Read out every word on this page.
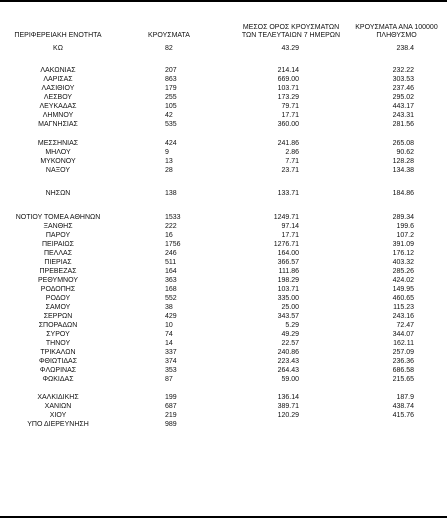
ΠΕΡΙΦΕΡΕΙΑΚΗ ΕΝΟΤΗΤΑ	ΚΡΟΥΣΜΑΤΑ
ΜΕΣΟΣ ΟΡΟΣ ΚΡΟΥΣΜΑΤΩΝ
ΤΩΝ ΤΕΛΕΥΤΑΙΩΝ 7 ΗΜΕΡΩΝ
ΚΡΟΥΣΜΑΤΑ ΑΝΑ 100000
ΠΛΗΘΥΣΜΟ
ΚΩ	82	43.29	238.4
ΛΑΚΩΝΙΑΣ	207	214.14	232.22
ΛΑΡΙΣΑΣ	863	669.00	303.53
ΛΑΣΙΘΙΟΥ	179	103.71	237.46
ΛΕΣΒΟΥ	255	173.29	295.02
ΛΕΥΚΑΔΑΣ	105	79.71	443.17
ΛΗΜΝΟΥ	42	17.71	243.31
ΜΑΓΝΗΣΙΑΣ	535	360.00	281.56
ΜΕΣΣΗΝΙΑΣ	424	241.86	265.08
ΜΗΛΟΥ	9	2.86	90.62
ΜΥΚΟΝΟΥ	13	7.71	128.28
ΝΑΞΟΥ	28	23.71	134.38
ΝΗΣΩΝ	138	133.71	184.86
ΝΟΤΙΟΥ ΤΟΜΕΑ ΑΘΗΝΩΝ	1533	1249.71	289.34
ΞΑΝΘΗΣ	222	97.14	199.6
ΠΑΡΟΥ	16	17.71	107.2
ΠΕΙΡΑΙΩΣ	1756	1276.71	391.09
ΠΕΛΛΑΣ	246	164.00	176.12
ΠΙΕΡΙΑΣ	511	366.57	403.32
ΠΡΕΒΕΖΑΣ	164	111.86	285.26
ΡΕΘΥΜΝΟΥ	363	198.29	424.02
ΡΟΔΟΠΗΣ	168	103.71	149.95
ΡΟΔΟΥ	552	335.00	460.65
ΣΑΜΟΥ	38	25.00	115.23
ΣΕΡΡΩΝ	429	343.57	243.16
ΣΠΟΡΑΔΩΝ	10	5.29	72.47
ΣΥΡΟΥ	74	49.29	344.07
ΤΗΝΟΥ	14	22.57	162.11
ΤΡΙΚΑΛΩΝ	337	240.86	257.09
ΦΘΙΩΤΙΔΑΣ	374	223.43	236.36
ΦΛΩΡΙΝΑΣ	353	264.43	686.58
ΦΩΚΙΔΑΣ	87	59.00	215.65
ΧΑΛΚΙΔΙΚΗΣ	199	136.14	187.9
ΧΑΝΙΩΝ	687	389.71	438.74
ΧΙΟΥ	219	120.29	415.76
ΥΠΟ ΔΙΕΡΕΥΝΗΣΗ	989
